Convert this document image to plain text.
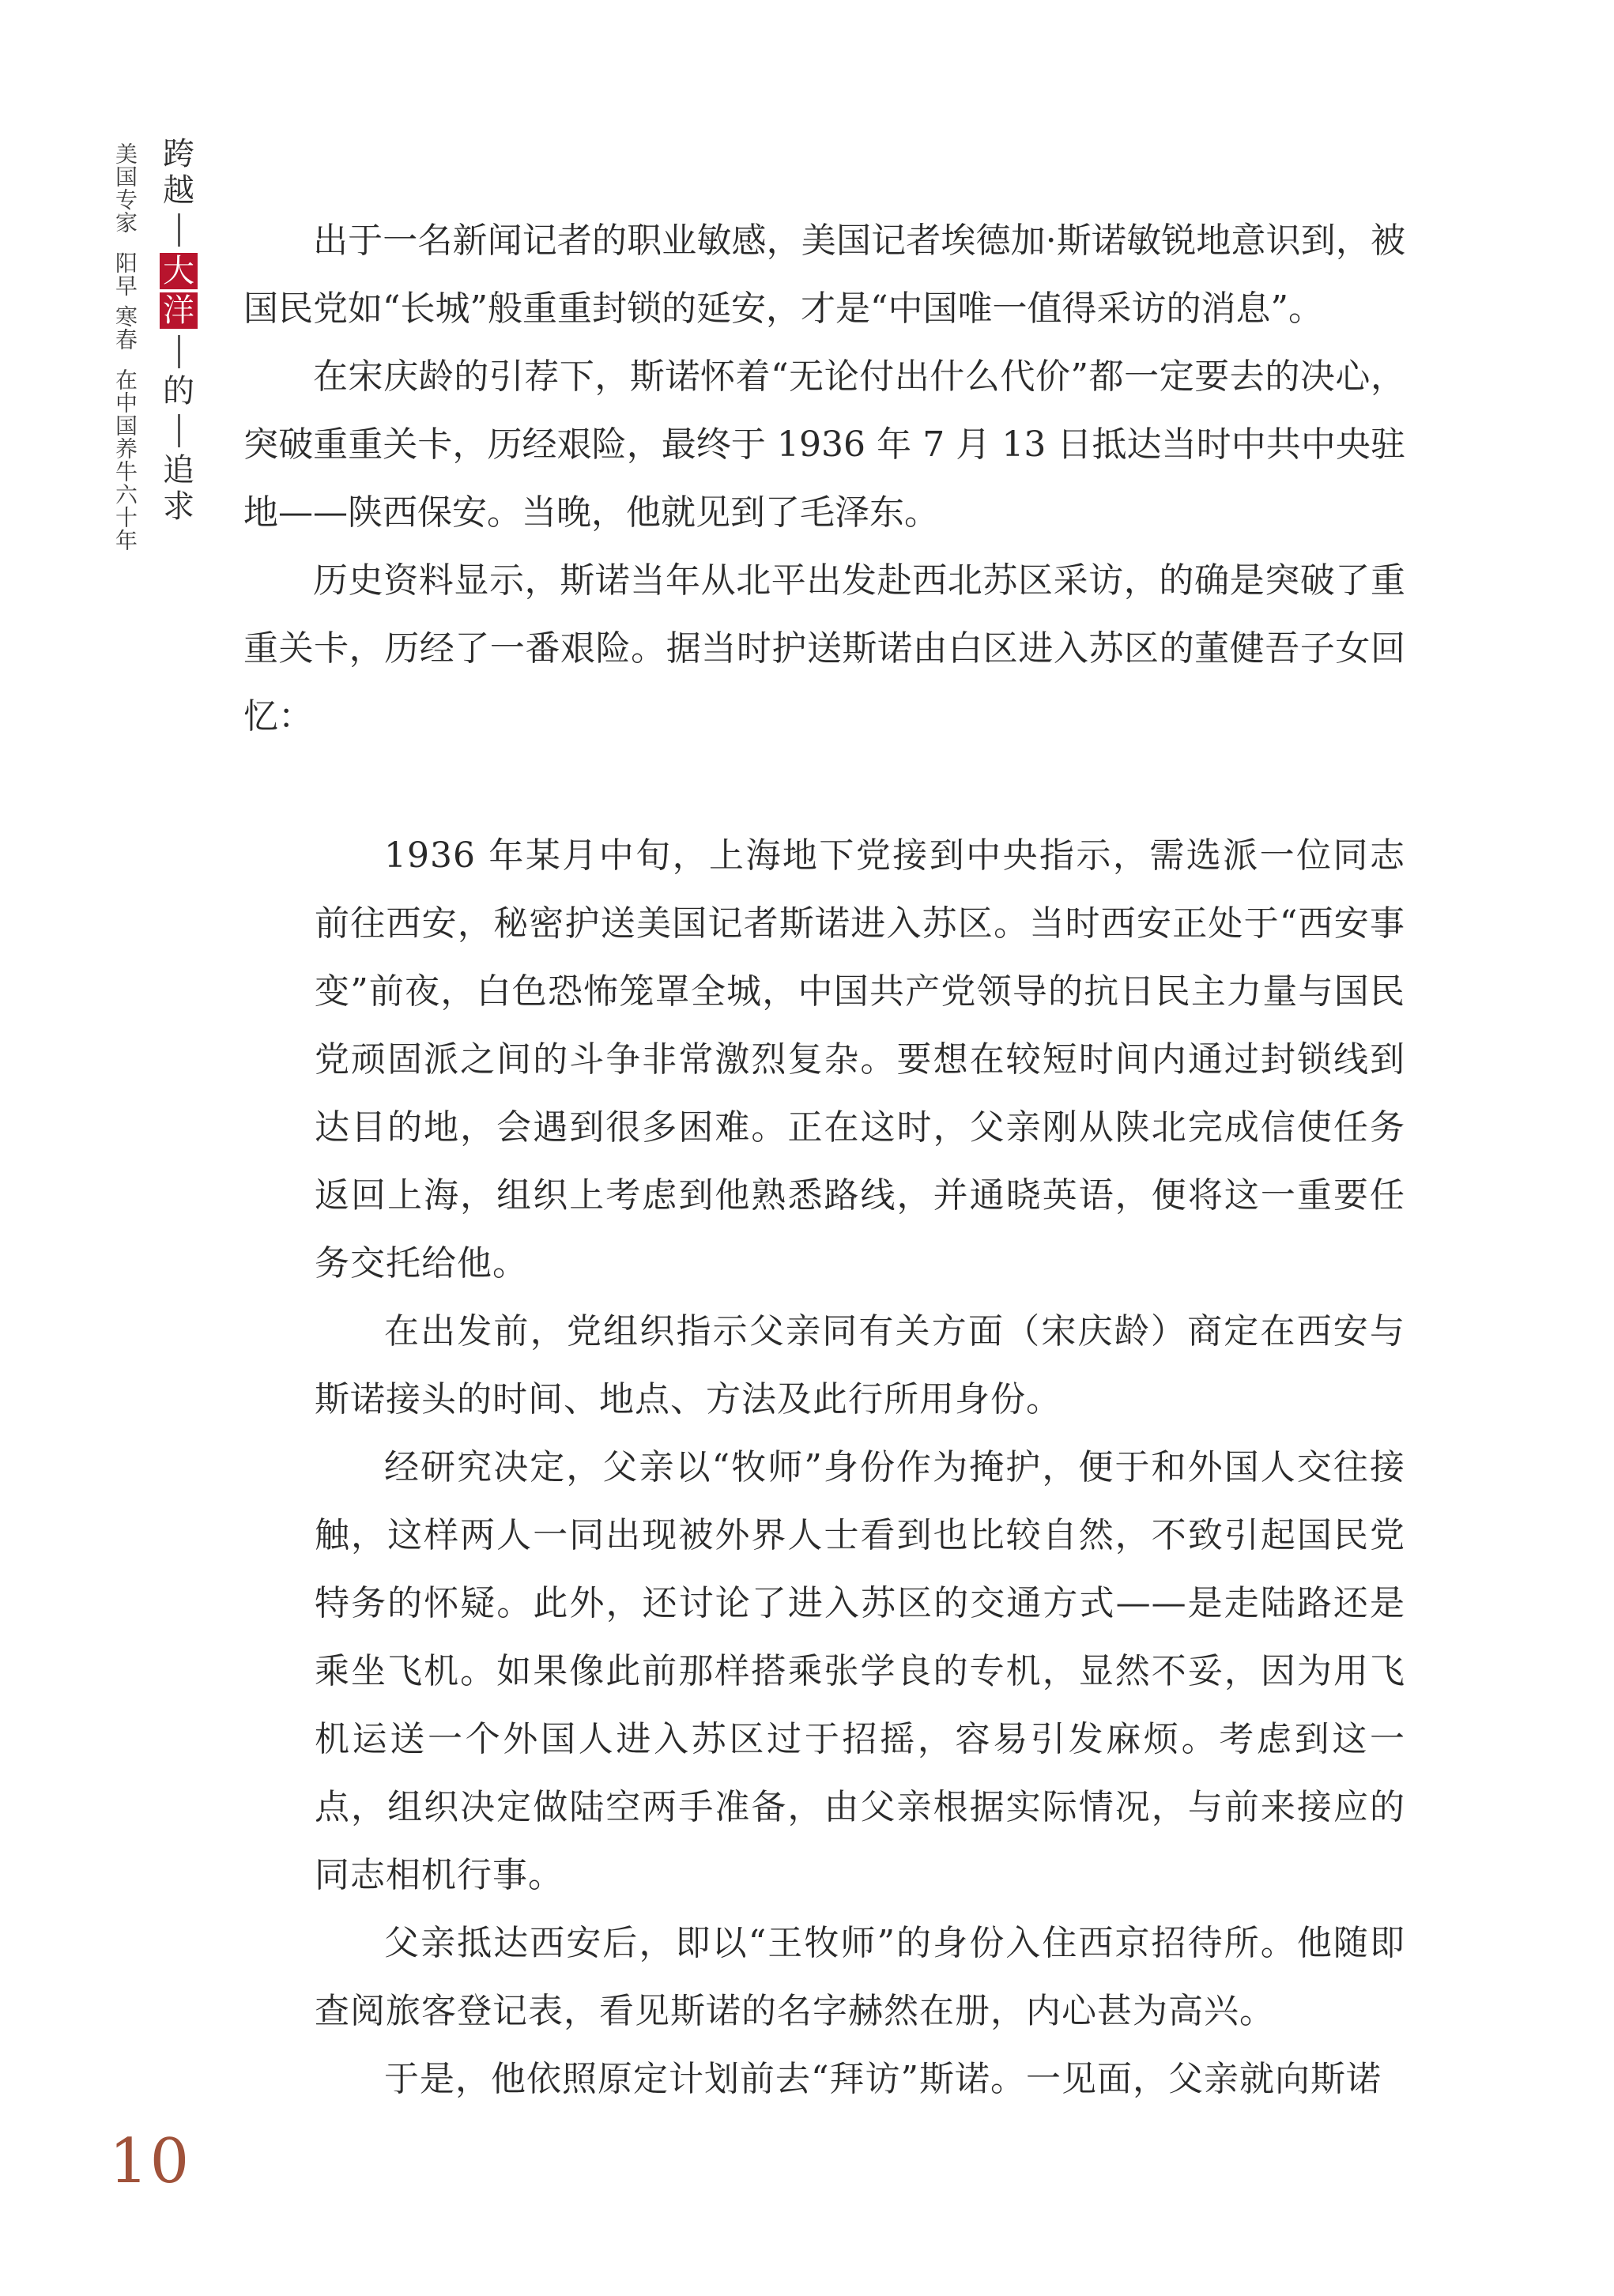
美国专家 阳早 寒春 在中国养牛六十年
跨
越
大
洋
的
追
求

出于一名新闻记者的职业敏感，美国记者埃德加·斯诺敏锐地意识到，被国民党如“长城”般重重封锁的延安，才是“中国唯一值得采访的消息”。

在宋庆龄的引荐下，斯诺怀着“无论付出什么代价”都一定要去的决心，突破重重关卡，历经艰险，最终于 1936 年 7 月 13 日抵达当时中共中央驻地——陕西保安。当晚，他就见到了毛泽东。

历史资料显示，斯诺当年从北平出发赴西北苏区采访，的确是突破了重重关卡，历经了一番艰险。据当时护送斯诺由白区进入苏区的董健吾子女回忆：

1936 年某月中旬，上海地下党接到中央指示，需选派一位同志前往西安，秘密护送美国记者斯诺进入苏区。当时西安正处于“西安事变”前夜，白色恐怖笼罩全城，中国共产党领导的抗日民主力量与国民党顽固派之间的斗争非常激烈复杂。要想在较短时间内通过封锁线到达目的地，会遇到很多困难。正在这时，父亲刚从陕北完成信使任务返回上海，组织上考虑到他熟悉路线，并通晓英语，便将这一重要任务交托给他。

在出发前，党组织指示父亲同有关方面（宋庆龄）商定在西安与斯诺接头的时间、地点、方法及此行所用身份。

经研究决定，父亲以“牧师”身份作为掩护，便于和外国人交往接触，这样两人一同出现被外界人士看到也比较自然，不致引起国民党特务的怀疑。此外，还讨论了进入苏区的交通方式——是走陆路还是乘坐飞机。如果像此前那样搭乘张学良的专机，显然不妥，因为用飞机运送一个外国人进入苏区过于招摇，容易引发麻烦。考虑到这一点，组织决定做陆空两手准备，由父亲根据实际情况，与前来接应的同志相机行事。

父亲抵达西安后，即以“王牧师”的身份入住西京招待所。他随即查阅旅客登记表，看见斯诺的名字赫然在册，内心甚为高兴。

于是，他依照原定计划前去“拜访”斯诺。一见面，父亲就向斯诺

10
